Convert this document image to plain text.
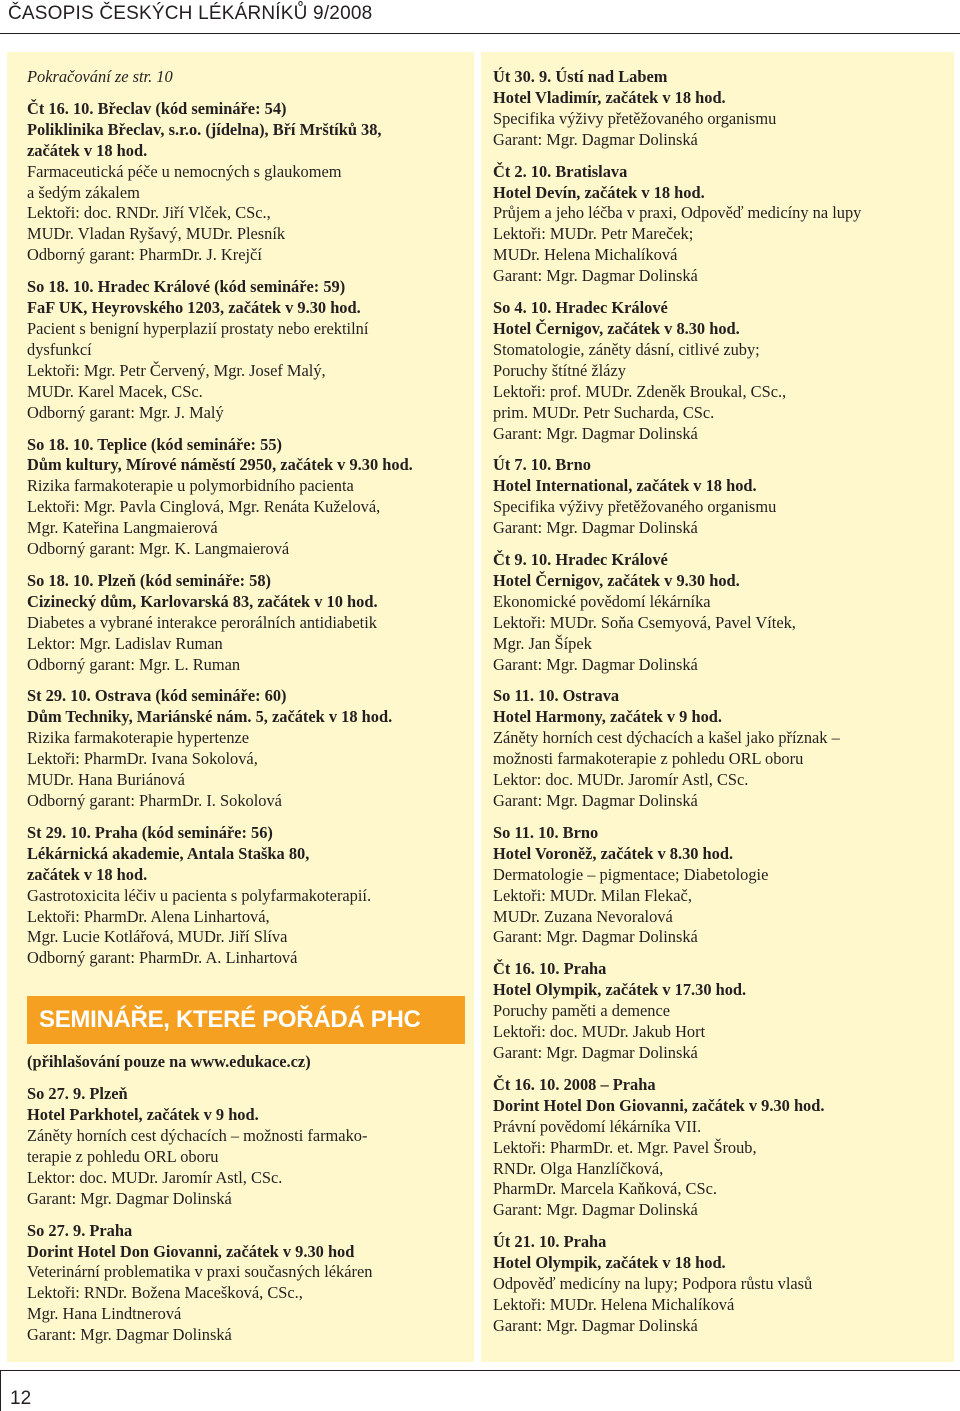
ČASOPIS ČESKÝCH LÉKÁRNÍKŮ 9/2008

Pokračování ze str. 10

Čt 16. 10. Břeclav (kód semináře: 54)

Poliklinika Břeclav, s.r.o. (jídelna), Bří Mrštíků 38,

začátek v 18 hod.

Farmaceutická péče u nemocných s glaukomem

a šedým zákalem

Lektoři: doc. RNDr. Jiří Vlček, CSc.,

MUDr. Vladan Ryšavý, MUDr. Plesník

Odborný garant: PharmDr. J. Krejčí

So 18. 10. Hradec Králové (kód semináře: 59)

FaF UK, Heyrovského 1203, začátek v 9.30 hod.

Pacient s benigní hyperplazií prostaty nebo erektilní

dysfunkcí

Lektoři: Mgr. Petr Červený, Mgr. Josef Malý,

MUDr. Karel Macek, CSc.

Odborný garant: Mgr. J. Malý

So 18. 10. Teplice (kód semináře: 55)

Dům kultury, Mírové náměstí 2950, začátek v 9.30 hod.

Rizika farmakoterapie u polymorbidního pacienta

Lektoři: Mgr. Pavla Cinglová, Mgr. Renáta Kuželová,

Mgr. Kateřina Langmaierová

Odborný garant: Mgr. K. Langmaierová

So 18. 10. Plzeň (kód semináře: 58)

Cizinecký dům, Karlovarská 83, začátek v 10 hod.

Diabetes a vybrané interakce perorálních antidiabetik

Lektor: Mgr. Ladislav Ruman

Odborný garant: Mgr. L. Ruman

St 29. 10. Ostrava (kód semináře: 60)

Dům Techniky, Mariánské nám. 5, začátek v 18 hod.

Rizika farmakoterapie hypertenze

Lektoři: PharmDr. Ivana Sokolová,

MUDr. Hana Buriánová

Odborný garant: PharmDr. I. Sokolová

St 29. 10. Praha (kód semináře: 56)

Lékárnická akademie, Antala Staška 80,

začátek v 18 hod.

Gastrotoxicita léčiv u pacienta s polyfarmakoterapií.

Lektoři: PharmDr. Alena Linhartová,

Mgr. Lucie Kotlářová, MUDr. Jiří Slíva

Odborný garant: PharmDr. A. Linhartová

SEMINÁŘE, KTERÉ POŘÁDÁ PHC

(přihlašování pouze na www.edukace.cz)

So 27. 9. Plzeň

Hotel Parkhotel, začátek v 9 hod.

Záněty horních cest dýchacích – možnosti farmako-

terapie z pohledu ORL oboru

Lektor: doc. MUDr. Jaromír Astl, CSc.

Garant: Mgr. Dagmar Dolinská

So 27. 9. Praha

Dorint Hotel Don Giovanni, začátek v 9.30 hod

Veterinární problematika v praxi současných lékáren

Lektoři: RNDr. Božena Macešková, CSc.,

Mgr. Hana Lindtnerová

Garant: Mgr. Dagmar Dolinská

Út 30. 9. Ústí nad Labem

Hotel Vladimír, začátek v 18 hod.

Specifika výživy přetěžovaného organismu

Garant: Mgr. Dagmar Dolinská

Čt 2. 10. Bratislava

Hotel Devín, začátek v 18 hod.

Průjem a jeho léčba v praxi, Odpověď medicíny na lupy

Lektoři: MUDr. Petr Mareček;

MUDr. Helena Michalíková

Garant: Mgr. Dagmar Dolinská

So 4. 10. Hradec Králové

Hotel Černigov, začátek v 8.30 hod.

Stomatologie, záněty dásní, citlivé zuby;

Poruchy štítné žlázy

Lektoři: prof. MUDr. Zdeněk Broukal, CSc.,

prim. MUDr. Petr Sucharda, CSc.

Garant: Mgr. Dagmar Dolinská

Út 7. 10. Brno

Hotel International, začátek v 18 hod.

Specifika výživy přetěžovaného organismu

Garant: Mgr. Dagmar Dolinská

Čt 9. 10. Hradec Králové

Hotel Černigov, začátek v 9.30 hod.

Ekonomické povědomí lékárníka

Lektoři: MUDr. Soňa Csemyová, Pavel Vítek,

Mgr. Jan Šípek

Garant: Mgr. Dagmar Dolinská

So 11. 10. Ostrava

Hotel Harmony, začátek v 9 hod.

Záněty horních cest dýchacích a kašel jako příznak –

možnosti farmakoterapie z pohledu ORL oboru

Lektor: doc. MUDr. Jaromír Astl, CSc.

Garant: Mgr. Dagmar Dolinská

So 11. 10. Brno

Hotel Voroněž, začátek v 8.30 hod.

Dermatologie – pigmentace; Diabetologie

Lektoři: MUDr. Milan Flekač,

MUDr. Zuzana Nevoralová

Garant: Mgr. Dagmar Dolinská

Čt 16. 10. Praha

Hotel Olympik, začátek v 17.30 hod.

Poruchy paměti a demence

Lektoři: doc. MUDr. Jakub Hort

Garant: Mgr. Dagmar Dolinská

Čt 16. 10. 2008 – Praha

Dorint Hotel Don Giovanni, začátek v 9.30 hod.

Právní povědomí lékárníka VII.

Lektoři: PharmDr. et. Mgr. Pavel Šroub,

RNDr. Olga Hanzlíčková,

PharmDr. Marcela Kaňková, CSc.

Garant: Mgr. Dagmar Dolinská

Út 21. 10. Praha

Hotel Olympik, začátek v 18 hod.

Odpověď medicíny na lupy; Podpora růstu vlasů

Lektoři: MUDr. Helena Michalíková

Garant: Mgr. Dagmar Dolinská

12
